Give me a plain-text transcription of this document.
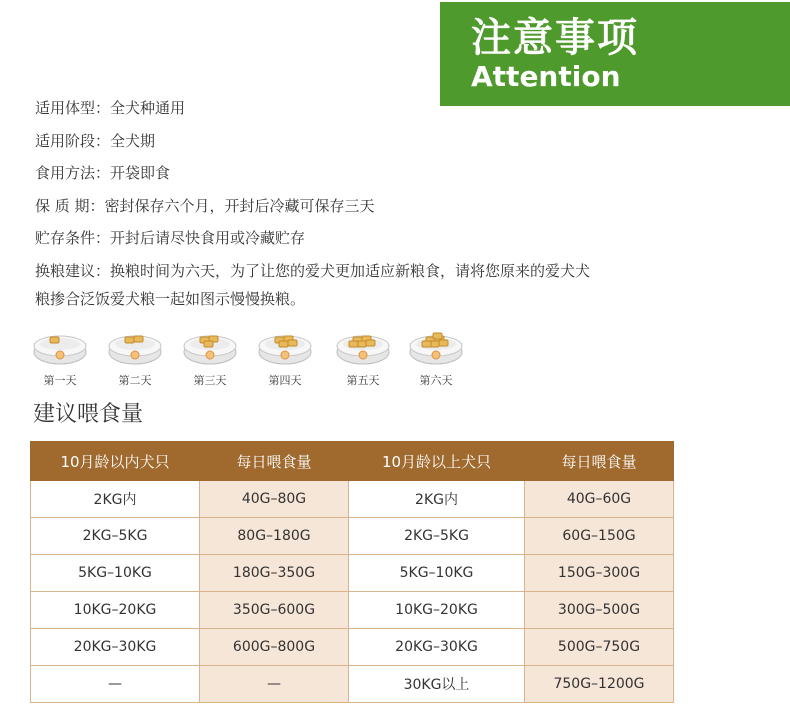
注意事项
Attention
适用体型：全犬种通用
适用阶段：全犬期
食用方法：开袋即食
保 质 期：密封保存六个月，开封后冷藏可保存三天
贮存条件：开封后请尽快食用或冷藏贮存
换粮建议：换粮时间为六天，为了让您的爱犬更加适应新粮食，请将您原来的爱犬犬
粮掺合泛饭爱犬粮一起如图示慢慢换粮。
第一天	第二天	第三天	第四天	第五天	第六天
建议喂食量
10月龄以内犬只	每日喂食量	10月龄以上犬只	每日喂食量
2KG内	40G–80G	2KG内	40G–60G
2KG–5KG	80G–180G	2KG–5KG	60G–150G
5KG–10KG	180G–350G	5KG–10KG	150G–300G
10KG–20KG	350G–600G	10KG–20KG	300G–500G
20KG–30KG	600G–800G	20KG–30KG	500G–750G
—	—	30KG以上	750G–1200G
